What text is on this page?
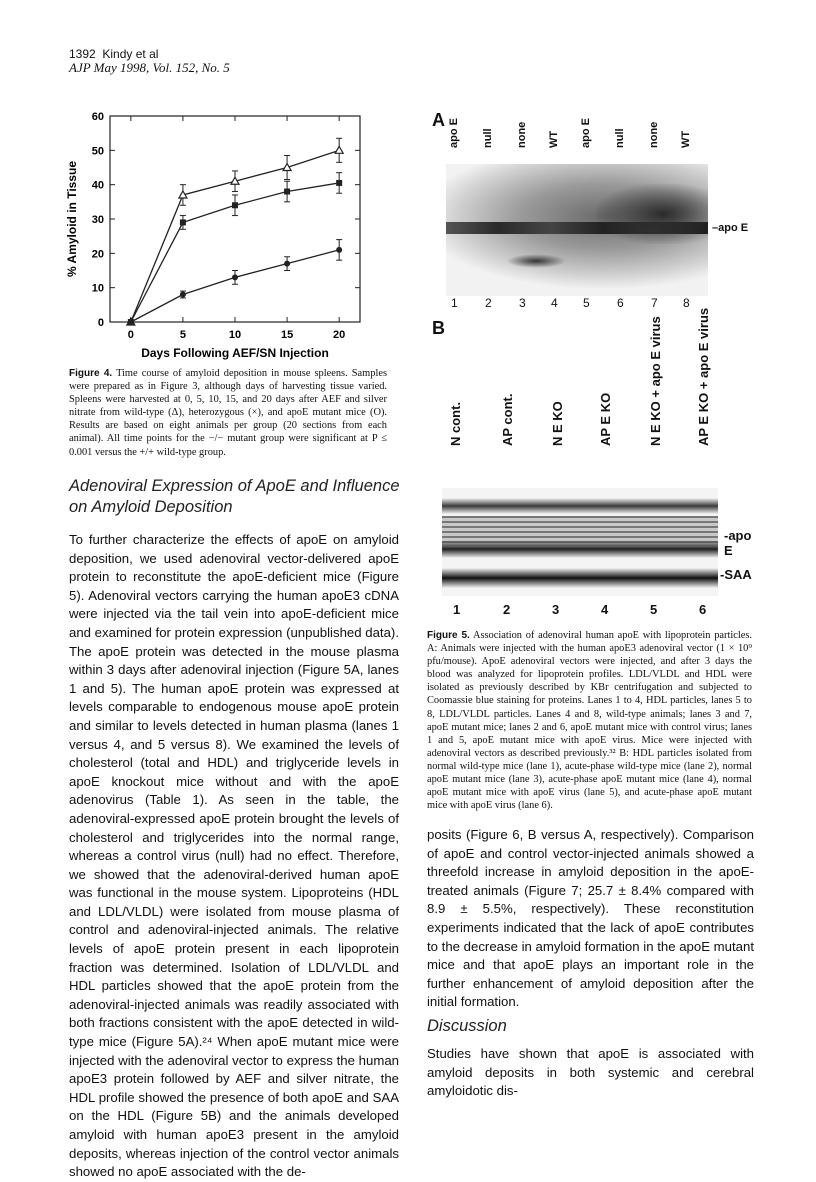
1392 Kindy et al
AJP May 1998, Vol. 152, No. 5
0
10
20
30
40
50
60
0	5	10	15	20
Days Following AEF/SN Injection
% Amyloid in Tissue
Figure 4. Time course of amyloid deposition in mouse spleens. Samples were prepared as in Figure 3, although days of harvesting tissue varied. Spleens were harvested at 0, 5, 10, 15, and 20 days after AEF and silver nitrate from wild-type (Δ), heterozygous (×), and apoE mutant mice (O). Results are based on eight animals per group (20 sections from each animal). All time points for the −/− mutant group were significant at P ≤ 0.001 versus the +/+ wild-type group.
Adenoviral Expression of ApoE and Influence on Amyloid Deposition

To further characterize the effects of apoE on amyloid deposition, we used adenoviral vector-delivered apoE protein to reconstitute the apoE-deficient mice (Figure 5). Adenoviral vectors carrying the human apoE3 cDNA were injected via the tail vein into apoE-deficient mice and examined for protein expression (unpublished data). The apoE protein was detected in the mouse plasma within 3 days after adenoviral injection (Figure 5A, lanes 1 and 5). The human apoE protein was expressed at levels comparable to endogenous mouse apoE protein and similar to levels detected in human plasma (lanes 1 versus 4, and 5 versus 8). We examined the levels of cholesterol (total and HDL) and triglyceride levels in apoE knockout mice without and with the apoE adenovirus (Table 1). As seen in the table, the adenoviral-expressed apoE protein brought the levels of cholesterol and triglycerides into the normal range, whereas a control virus (null) had no effect. Therefore, we showed that the adenoviral-derived human apoE was functional in the mouse system. Lipoproteins (HDL and LDL/VLDL) were isolated from mouse plasma of control and adenoviral-injected animals. The relative levels of apoE protein present in each lipoprotein fraction was determined. Isolation of LDL/VLDL and HDL particles showed that the apoE protein from the adenoviral-injected animals was readily associated with both fractions consistent with the apoE detected in wild-type mice (Figure 5A).²⁴ When apoE mutant mice were injected with the adenoviral vector to express the human apoE3 protein followed by AEF and silver nitrate, the HDL profile showed the presence of both apoE and SAA on the HDL (Figure 5B) and the animals developed amyloid with human apoE3 present in the amyloid deposits, whereas injection of the control vector animals showed no apoE associated with the de-

A apo E null none WT apo E null none WT
–apo E
1 2 3 4 5 6 7 8
B
N cont.	AP cont.	N E KO	AP E KO	N E KO + apo E virus	AP E KO + apo E virus
-apo E
-SAA
1	2	3	4	5	6
Figure 5. Association of adenoviral human apoE with lipoprotein particles. A: Animals were injected with the human apoE3 adenoviral vector (1 × 10⁹ pfu/mouse). ApoE adenoviral vectors were injected, and after 3 days the blood was analyzed for lipoprotein profiles. LDL/VLDL and HDL were isolated as previously described by KBr centrifugation and subjected to Coomassie blue staining for proteins. Lanes 1 to 4, HDL particles, lanes 5 to 8, LDL/VLDL particles. Lanes 4 and 8, wild-type animals; lanes 3 and 7, apoE mutant mice; lanes 2 and 6, apoE mutant mice with control virus; lanes 1 and 5, apoE mutant mice with apoE virus. Mice were injected with adenoviral vectors as described previously.³² B: HDL particles isolated from normal wild-type mice (lane 1), acute-phase wild-type mice (lane 2), normal apoE mutant mice (lane 3), acute-phase apoE mutant mice (lane 4), normal apoE mutant mice with apoE virus (lane 5), and acute-phase apoE mutant mice with apoE virus (lane 6).

posits (Figure 6, B versus A, respectively). Comparison of apoE and control vector-injected animals showed a threefold increase in amyloid deposition in the apoE-treated animals (Figure 7; 25.7 ± 8.4% compared with 8.9 ± 5.5%, respectively). These reconstitution experiments indicated that the lack of apoE contributes to the decrease in amyloid formation in the apoE mutant mice and that apoE plays an important role in the further enhancement of amyloid deposition after the initial formation.

Discussion

Studies have shown that apoE is associated with amyloid deposits in both systemic and cerebral amyloidotic dis-
